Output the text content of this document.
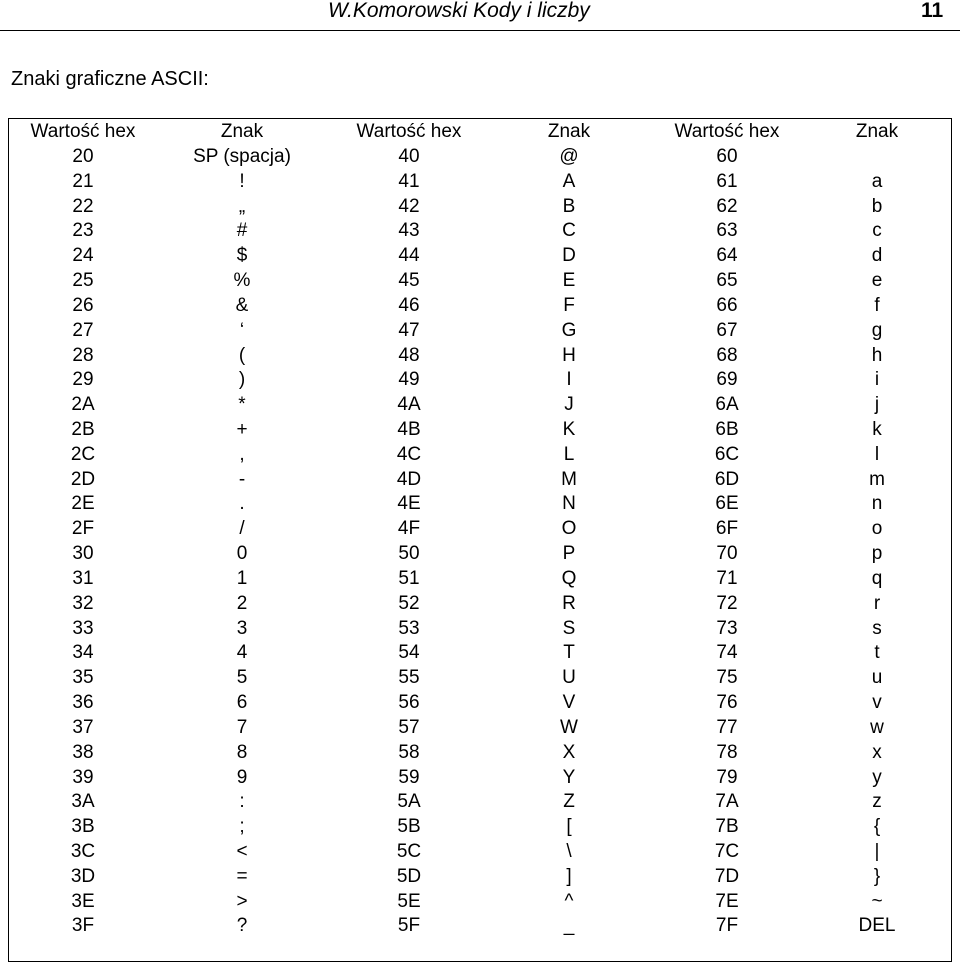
W.Komorowski Kody i liczby	11
Znaki graficzne ASCII:
Wartość hex	Znak	Wartość hex	Znak	Wartość hex	Znak
20	SP (spacja)	40	@	60
21	!	41	A	61	a
22	„	42	B	62	b
23	#	43	C	63	c
24	$	44	D	64	d
25	%	45	E	65	e
26	&	46	F	66	f
27	‘	47	G	67	g
28	(	48	H	68	h
29	)	49	I	69	i
2A	*	4A	J	6A	j
2B	+	4B	K	6B	k
2C	,	4C	L	6C	l
2D	-	4D	M	6D	m
2E	.	4E	N	6E	n
2F	/	4F	O	6F	o
30	0	50	P	70	p
31	1	51	Q	71	q
32	2	52	R	72	r
33	3	53	S	73	s
34	4	54	T	74	t
35	5	55	U	75	u
36	6	56	V	76	v
37	7	57	W	77	w
38	8	58	X	78	x
39	9	59	Y	79	y
3A	:	5A	Z	7A	z
3B	;	5B	[	7B	{
3C	<	5C	\	7C	|
3D	=	5D	]	7D	}
3E	>	5E	^	7E	~
3F	?	5F	_	7F	DEL
